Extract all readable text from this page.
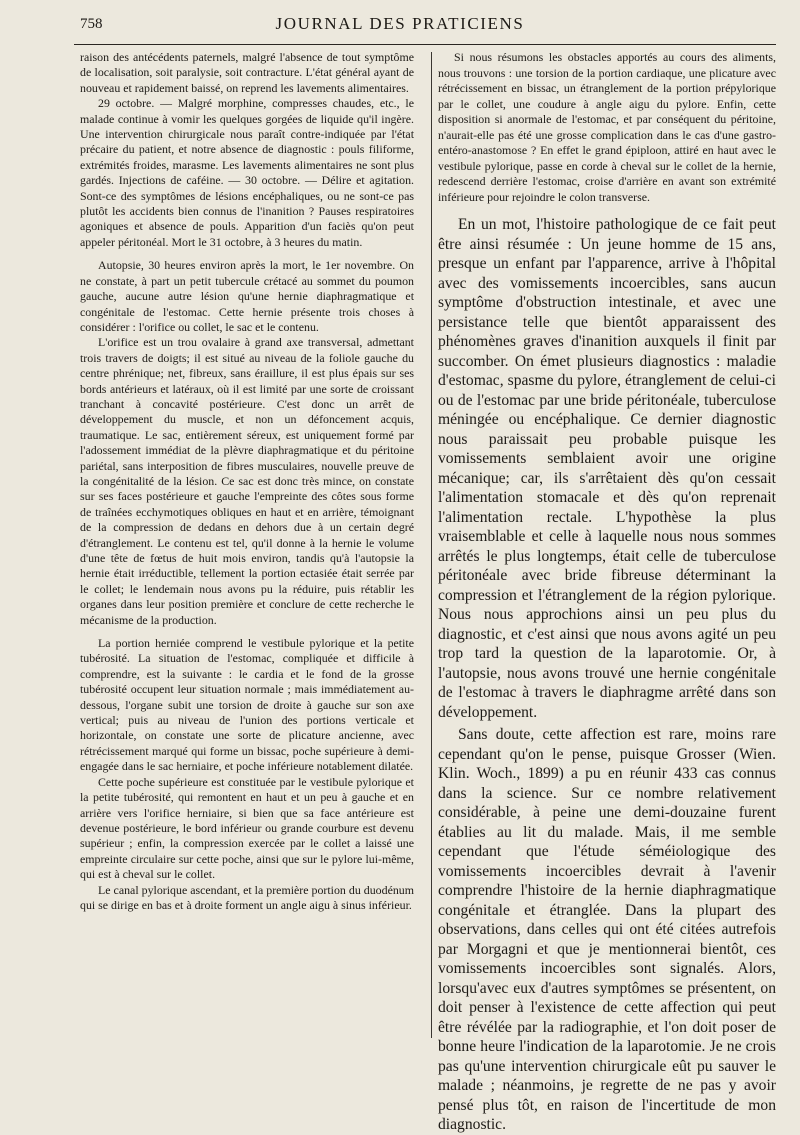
758	JOURNAL DES PRATICIENS

raison des antécédents paternels, malgré l'absence de tout symptôme de localisation, soit paralysie, soit contracture. L'état général ayant de nouveau et rapidement baissé, on reprend les lavements alimentaires.

29 octobre. — Malgré morphine, compresses chaudes, etc., le malade continue à vomir les quelques gorgées de liquide qu'il ingère. Une intervention chirurgicale nous paraît contre-indiquée par l'état précaire du patient, et notre absence de diagnostic : pouls filiforme, extrémités froides, marasme. Les lavements alimentaires ne sont plus gardés. Injections de caféine. — 30 octobre. — Délire et agitation. Sont-ce des symptômes de lésions encéphaliques, ou ne sont-ce pas plutôt les accidents bien connus de l'inanition ? Pauses respiratoires agoniques et absence de pouls. Apparition d'un faciès qu'on peut appeler péritonéal. Mort le 31 octobre, à 3 heures du matin.

Autopsie, 30 heures environ après la mort, le 1er novembre. On ne constate, à part un petit tubercule crétacé au sommet du poumon gauche, aucune autre lésion qu'une hernie diaphragmatique et congénitale de l'estomac. Cette hernie présente trois choses à considérer : l'orifice ou collet, le sac et le contenu.

L'orifice est un trou ovalaire à grand axe transversal, admettant trois travers de doigts; il est situé au niveau de la foliole gauche du centre phrénique; net, fibreux, sans éraillure, il est plus épais sur ses bords antérieurs et latéraux, où il est limité par une sorte de croissant tranchant à concavité postérieure. C'est donc un arrêt de développement du muscle, et non un défoncement acquis, traumatique. Le sac, entièrement séreux, est uniquement formé par l'adossement immédiat de la plèvre diaphragmatique et du péritoine pariétal, sans interposition de fibres musculaires, nouvelle preuve de la congénitalité de la lésion. Ce sac est donc très mince, on constate sur ses faces postérieure et gauche l'empreinte des côtes sous forme de traînées ecchymotiques obliques en haut et en arrière, témoignant de la compression de dedans en dehors due à un certain degré d'étranglement. Le contenu est tel, qu'il donne à la hernie le volume d'une tête de fœtus de huit mois environ, tandis qu'à l'autopsie la hernie était irréductible, tellement la portion ectasiée était serrée par le collet; le lendemain nous avons pu la réduire, puis rétablir les organes dans leur position première et conclure de cette recherche le mécanisme de la production.

La portion herniée comprend le vestibule pylorique et la petite tubérosité. La situation de l'estomac, compliquée et difficile à comprendre, est la suivante : le cardia et le fond de la grosse tubérosité occupent leur situation normale ; mais immédiatement au-dessous, l'organe subit une torsion de droite à gauche sur son axe vertical; puis au niveau de l'union des portions verticale et horizontale, on constate une sorte de plicature ancienne, avec rétrécissement marqué qui forme un bissac, poche supérieure à demi-engagée dans le sac herniaire, et poche inférieure notablement dilatée.

Cette poche supérieure est constituée par le vestibule pylorique et la petite tubérosité, qui remontent en haut et un peu à gauche et en arrière vers l'orifice herniaire, si bien que sa face antérieure est devenue postérieure, le bord inférieur ou grande courbure est devenu supérieur ; enfin, la compression exercée par le collet a laissé une empreinte circulaire sur cette poche, ainsi que sur le pylore lui-même, qui est à cheval sur le collet.

Le canal pylorique ascendant, et la première portion du duodénum qui se dirige en bas et à droite forment un angle aigu à sinus inférieur.

Si nous résumons les obstacles apportés au cours des aliments, nous trouvons : une torsion de la portion cardiaque, une plicature avec rétrécissement en bissac, un étranglement de la portion prépylorique par le collet, une coudure à angle aigu du pylore. Enfin, cette disposition si anormale de l'estomac, et par conséquent du péritoine, n'aurait-elle pas été une grosse complication dans le cas d'une gastro-entéro-anastomose ? En effet le grand épiploon, attiré en haut avec le vestibule pylorique, passe en corde à cheval sur le collet de la hernie, redescend derrière l'estomac, croise d'arrière en avant son extrémité inférieure pour rejoindre le colon transverse.

En un mot, l'histoire pathologique de ce fait peut être ainsi résumée : Un jeune homme de 15 ans, presque un enfant par l'apparence, arrive à l'hôpital avec des vomissements incoercibles, sans aucun symptôme d'obstruction intestinale, et avec une persistance telle que bientôt apparaissent des phénomènes graves d'inanition auxquels il finit par succomber. On émet plusieurs diagnostics : maladie d'estomac, spasme du pylore, étranglement de celui-ci ou de l'estomac par une bride péritonéale, tuberculose méningée ou encéphalique. Ce dernier diagnostic nous paraissait peu probable puisque les vomissements semblaient avoir une origine mécanique; car, ils s'arrêtaient dès qu'on cessait l'alimentation stomacale et dès qu'on reprenait l'alimentation rectale. L'hypothèse la plus vraisemblable et celle à laquelle nous nous sommes arrêtés le plus longtemps, était celle de tuberculose péritonéale avec bride fibreuse déterminant la compression et l'étranglement de la région pylorique. Nous nous approchions ainsi un peu plus du diagnostic, et c'est ainsi que nous avons agité un peu trop tard la question de la laparotomie. Or, à l'autopsie, nous avons trouvé une hernie congénitale de l'estomac à travers le diaphragme arrêté dans son développement.

Sans doute, cette affection est rare, moins rare cependant qu'on le pense, puisque Grosser (Wien. Klin. Woch., 1899) a pu en réunir 433 cas connus dans la science. Sur ce nombre relativement considérable, à peine une demi-douzaine furent établies au lit du malade. Mais, il me semble cependant que l'étude séméiologique des vomissements incoercibles devrait à l'avenir comprendre l'histoire de la hernie diaphragmatique congénitale et étranglée. Dans la plupart des observations, dans celles qui ont été citées autrefois par Morgagni et que je mentionnerai bientôt, ces vomissements incoercibles sont signalés. Alors, lorsqu'avec eux d'autres symptômes se présentent, on doit penser à l'existence de cette affection qui peut être révélée par la radiographie, et l'on doit poser de bonne heure l'indication de la laparotomie. Je ne crois pas qu'une intervention chirurgicale eût pu sauver le malade ; néanmoins, je regrette de ne pas y avoir pensé plus tôt, en raison de l'incertitude de mon diagnostic.
